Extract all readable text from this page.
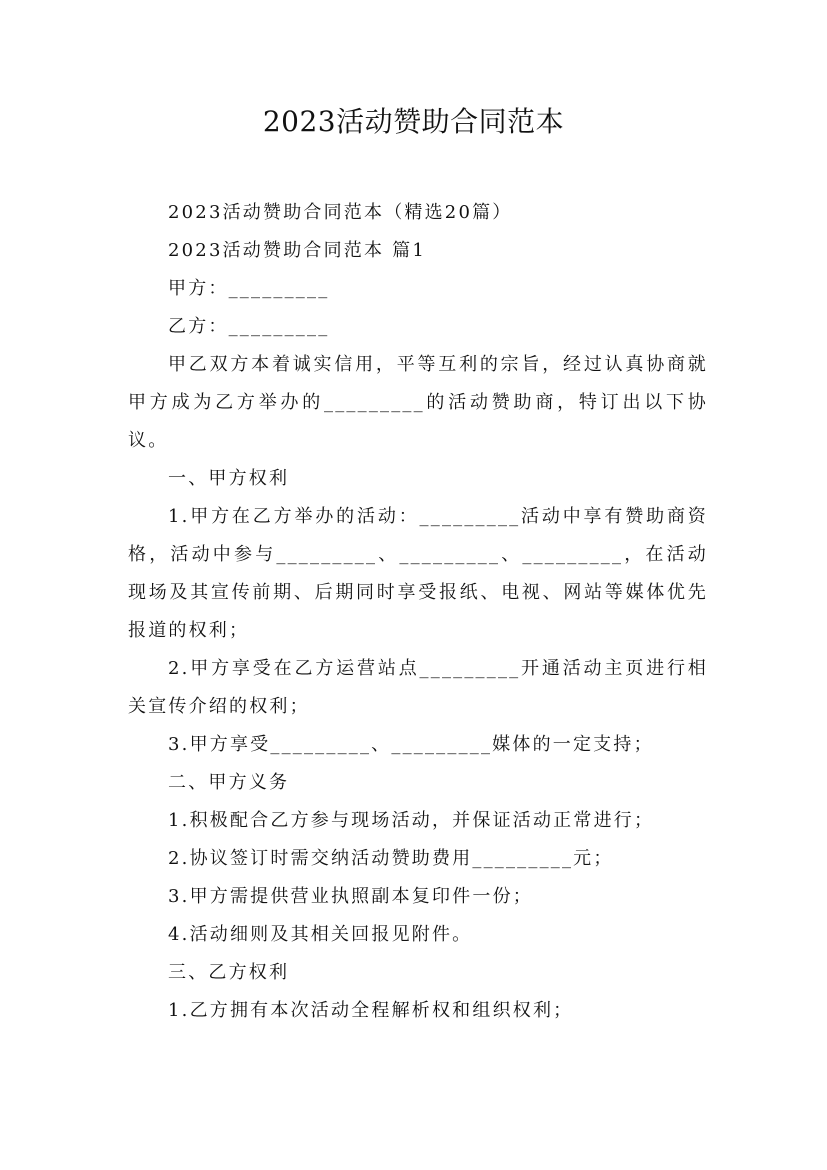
2023活动赞助合同范本

2023活动赞助合同范本（精选20篇）

2023活动赞助合同范本 篇1

甲方：_________

乙方：_________

甲乙双方本着诚实信用，平等互利的宗旨，经过认真协商就甲方成为乙方举办的_________的活动赞助商，特订出以下协议。

一、甲方权利

1.甲方在乙方举办的活动：_________活动中享有赞助商资格，活动中参与_________、_________、_________，在活动现场及其宣传前期、后期同时享受报纸、电视、网站等媒体优先报道的权利；

2.甲方享受在乙方运营站点_________开通活动主页进行相关宣传介绍的权利；

3.甲方享受_________、_________媒体的一定支持；

二、甲方义务

1.积极配合乙方参与现场活动，并保证活动正常进行；

2.协议签订时需交纳活动赞助费用_________元；

3.甲方需提供营业执照副本复印件一份；

4.活动细则及其相关回报见附件。

三、乙方权利

1.乙方拥有本次活动全程解析权和组织权利；
